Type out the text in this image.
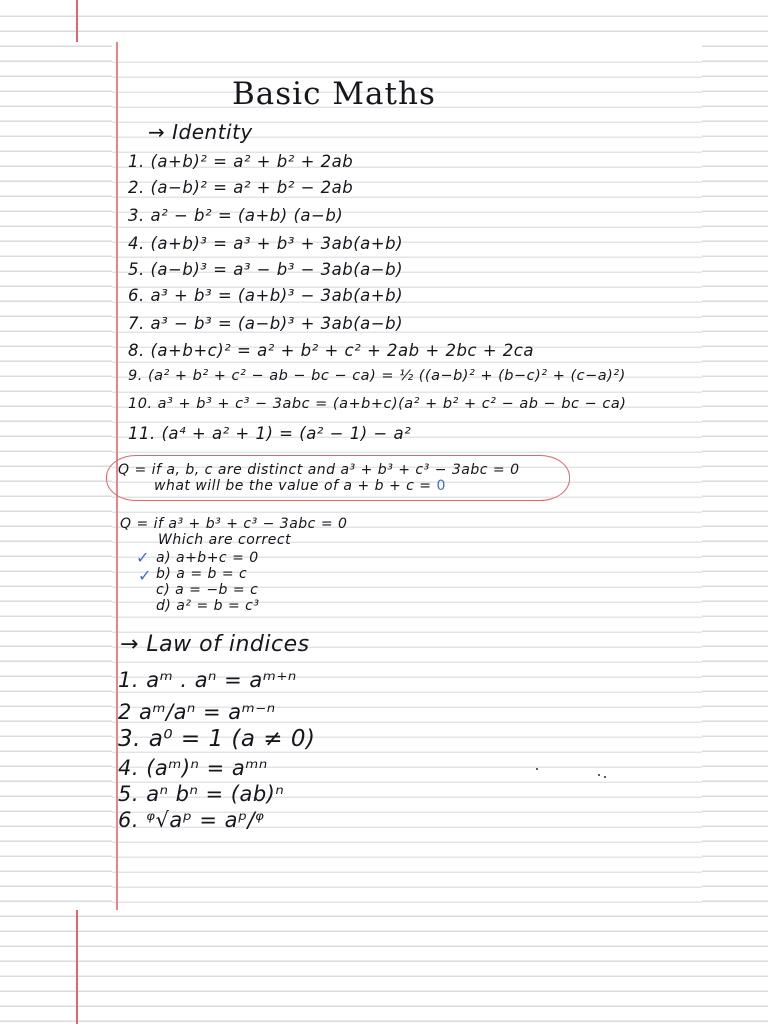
Basic Maths
→ Identity
1. (a+b)² = a² + b² + 2ab
2. (a−b)² = a² + b² − 2ab
3. a² − b² = (a+b) (a−b)
4. (a+b)³ = a³ + b³ + 3ab(a+b)
5. (a−b)³ = a³ − b³ − 3ab(a−b)
6. a³ + b³ = (a+b)³ − 3ab(a+b)
7. a³ − b³ = (a−b)³ + 3ab(a−b)
8. (a+b+c)² = a² + b² + c² + 2ab + 2bc + 2ca
9. (a² + b² + c² − ab − bc − ca) = ½ ((a−b)² + (b−c)² + (c−a)²)
10. a³ + b³ + c³ − 3abc = (a+b+c)(a² + b² + c² − ab − bc − ca)
11. (a⁴ + a² + 1) = (a² − 1) − a²
Q = if a, b, c are distinct and a³ + b³ + c³ − 3abc = 0
what will be the value of a + b + c = 0
Q = if a³ + b³ + c³ − 3abc = 0
Which are correct
✓
✓
a) a+b+c = 0
b) a = b = c
c) a = −b = c
d) a² = b = c³
→ Law of indices
1. aᵐ . aⁿ = aᵐ⁺ⁿ
2 aᵐ/aⁿ = aᵐ⁻ⁿ
3. a⁰ = 1 (a ≠ 0)
4. (aᵐ)ⁿ = aᵐⁿ
5. aⁿ bⁿ = (ab)ⁿ
6. ᵠ√aᵖ = aᵖ/ᵠ
